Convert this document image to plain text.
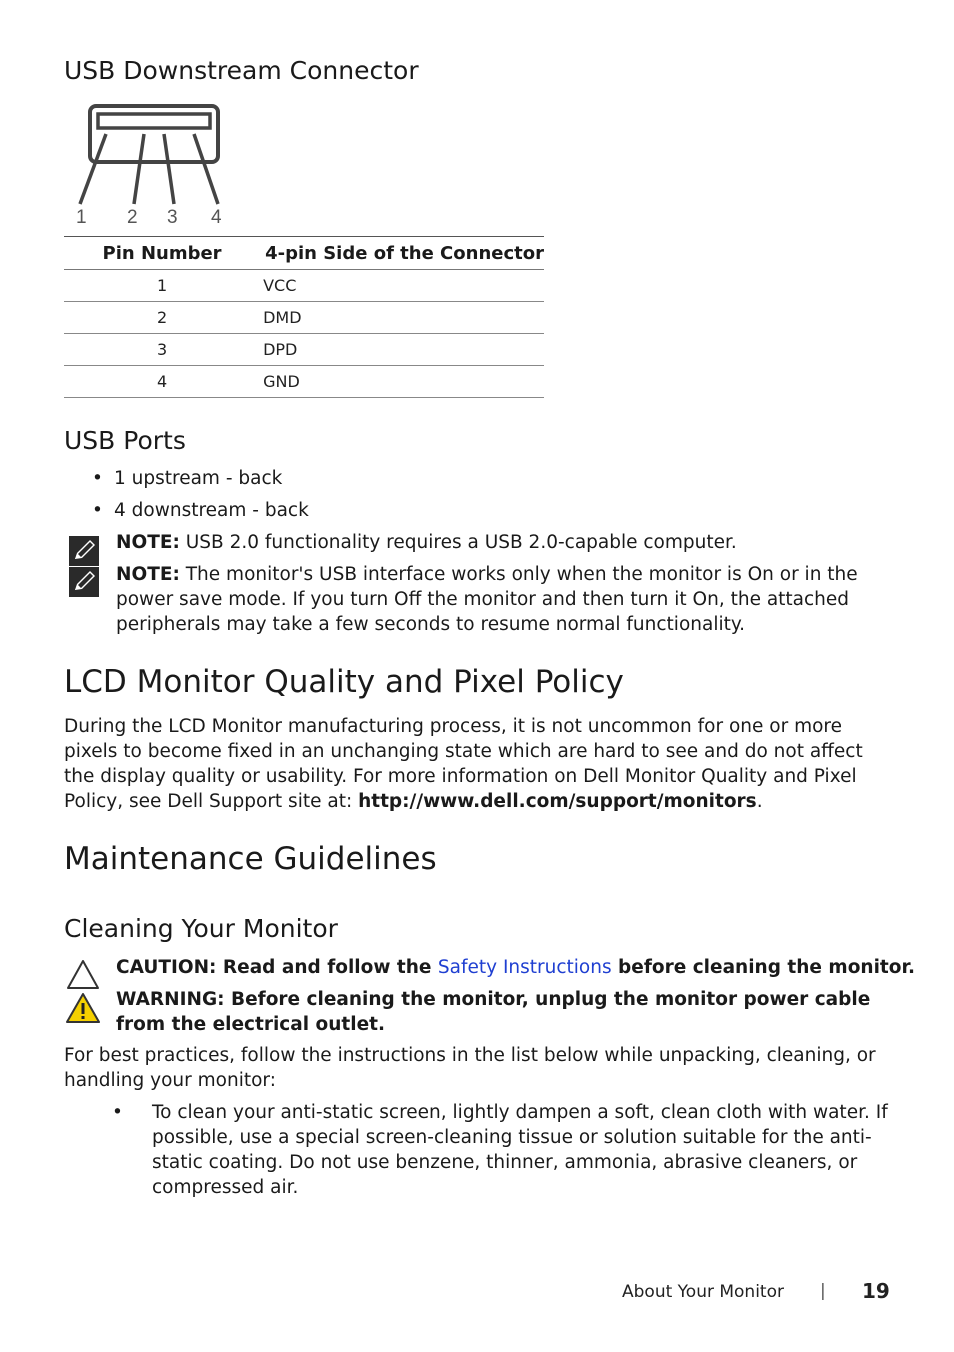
USB Downstream Connector
1 2 3 4
Pin Number	4-pin Side of the Connector
1	VCC
2	DMD
3	DPD
4	GND
USB Ports
• 1 upstream - back
• 4 downstream - back
NOTE: USB 2.0 functionality requires a USB 2.0-capable computer.
NOTE: The monitor's USB interface works only when the monitor is On or in the power save mode. If you turn Off the monitor and then turn it On, the attached peripherals may take a few seconds to resume normal functionality.
LCD Monitor Quality and Pixel Policy
During the LCD Monitor manufacturing process, it is not uncommon for one or more pixels to become fixed in an unchanging state which are hard to see and do not affect the display quality or usability. For more information on Dell Monitor Quality and Pixel Policy, see Dell Support site at: http://www.dell.com/support/monitors.
Maintenance Guidelines
Cleaning Your Monitor
CAUTION: Read and follow the Safety Instructions before cleaning the monitor.
WARNING: Before cleaning the monitor, unplug the monitor power cable from the electrical outlet.
For best practices, follow the instructions in the list below while unpacking, cleaning, or handling your monitor:
• To clean your anti-static screen, lightly dampen a soft, clean cloth with water. If possible, use a special screen-cleaning tissue or solution suitable for the anti-static coating. Do not use benzene, thinner, ammonia, abrasive cleaners, or compressed air.
About Your Monitor | 19
